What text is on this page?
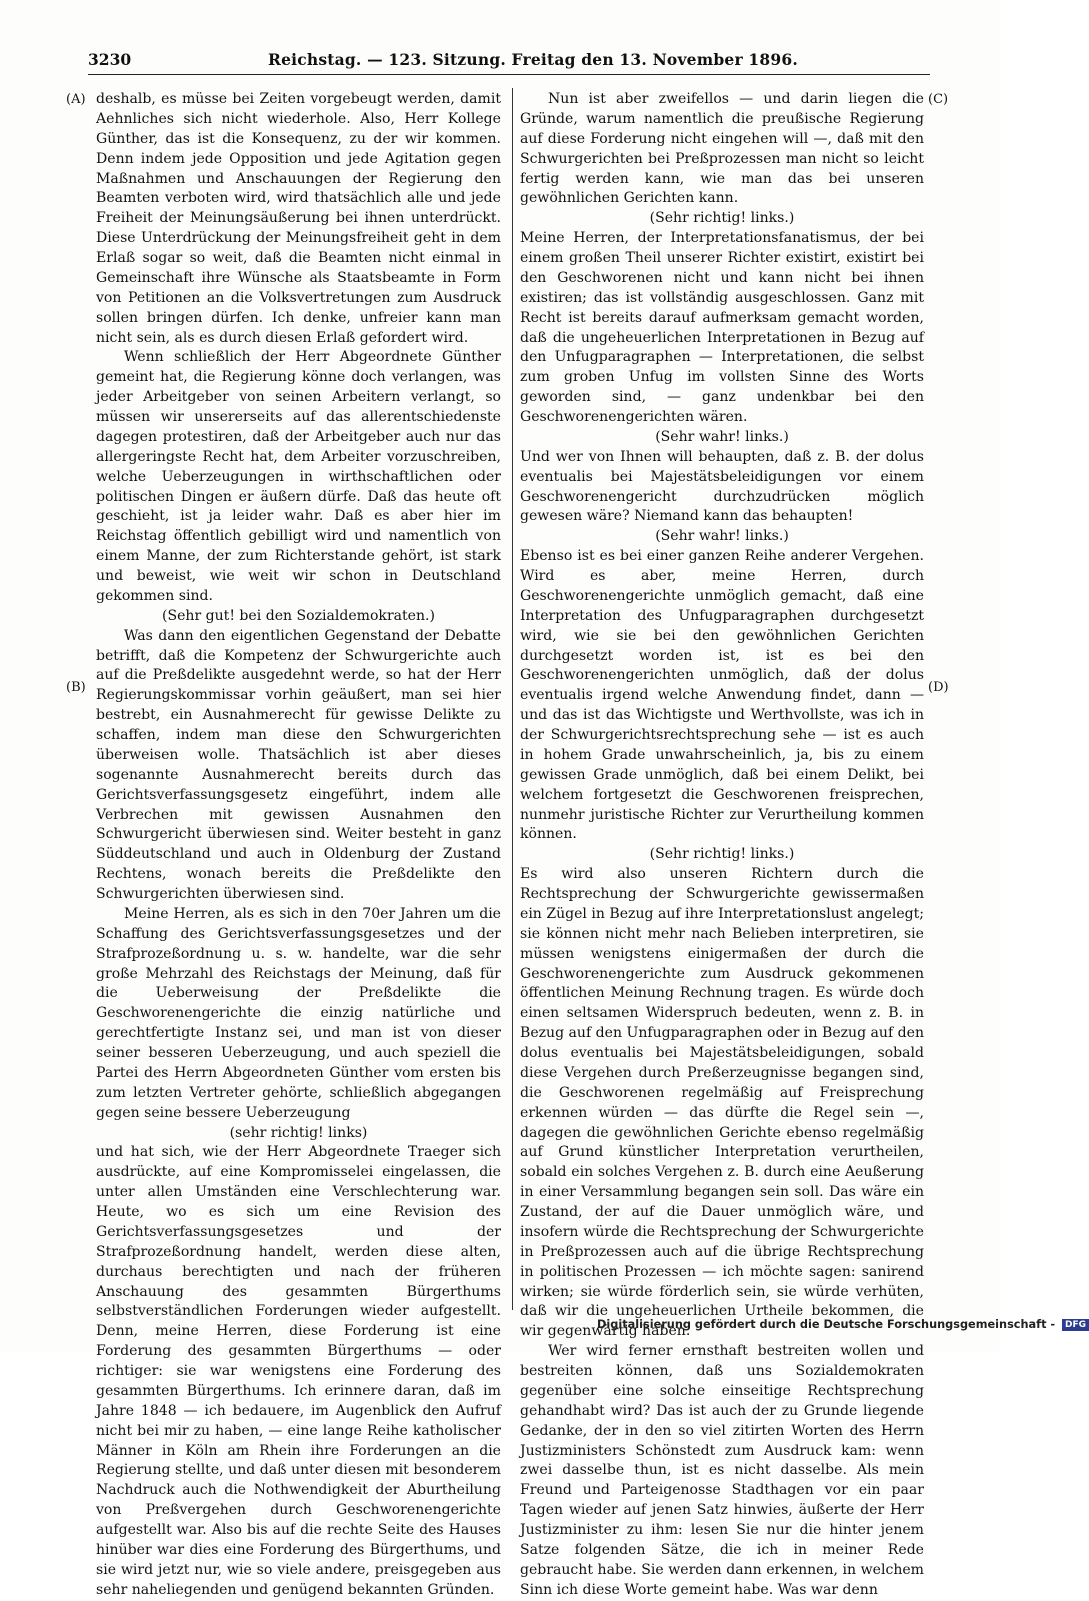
3230	Reichstag. — 123. Sitzung. Freitag den 13. November 1896.
(A)
(B)
(C)
(D)

deshalb, es müsse bei Zeiten vorgebeugt werden, damit Aehnliches sich nicht wiederhole. Also, Herr Kollege Günther, das ist die Konsequenz, zu der wir kommen. Denn indem jede Opposition und jede Agitation gegen Maßnahmen und Anschauungen der Regierung den Beamten verboten wird, wird thatsächlich alle und jede Freiheit der Meinungsäußerung bei ihnen unterdrückt. Diese Unterdrückung der Meinungsfreiheit geht in dem Erlaß sogar so weit, daß die Beamten nicht einmal in Gemeinschaft ihre Wünsche als Staatsbeamte in Form von Petitionen an die Volksvertretungen zum Ausdruck sollen bringen dürfen. Ich denke, unfreier kann man nicht sein, als es durch diesen Erlaß gefordert wird.

Wenn schließlich der Herr Abgeordnete Günther gemeint hat, die Regierung könne doch verlangen, was jeder Arbeitgeber von seinen Arbeitern verlangt, so müssen wir unsererseits auf das allerentschiedenste dagegen protestiren, daß der Arbeitgeber auch nur das allergeringste Recht hat, dem Arbeiter vorzuschreiben, welche Ueberzeugungen in wirthschaftlichen oder politischen Dingen er äußern dürfe. Daß das heute oft geschieht, ist ja leider wahr. Daß es aber hier im Reichstag öffentlich gebilligt wird und namentlich von einem Manne, der zum Richterstande gehört, ist stark und beweist, wie weit wir schon in Deutschland gekommen sind.

(Sehr gut! bei den Sozialdemokraten.)

Was dann den eigentlichen Gegenstand der Debatte betrifft, daß die Kompetenz der Schwurgerichte auch auf die Preßdelikte ausgedehnt werde, so hat der Herr Regierungskommissar vorhin geäußert, man sei hier bestrebt, ein Ausnahmerecht für gewisse Delikte zu schaffen, indem man diese den Schwurgerichten überweisen wolle. Thatsächlich ist aber dieses sogenannte Ausnahmerecht bereits durch das Gerichtsverfassungsgesetz eingeführt, indem alle Verbrechen mit gewissen Ausnahmen den Schwurgericht überwiesen sind. Weiter besteht in ganz Süddeutschland und auch in Oldenburg der Zustand Rechtens, wonach bereits die Preßdelikte den Schwurgerichten überwiesen sind.

Meine Herren, als es sich in den 70er Jahren um die Schaffung des Gerichtsverfassungsgesetzes und der Strafprozeßordnung u. s. w. handelte, war die sehr große Mehrzahl des Reichstags der Meinung, daß für die Ueberweisung der Preßdelikte die Geschworenengerichte die einzig natürliche und gerechtfertigte Instanz sei, und man ist von dieser seiner besseren Ueberzeugung, und auch speziell die Partei des Herrn Abgeordneten Günther vom ersten bis zum letzten Vertreter gehörte, schließlich abgegangen gegen seine bessere Ueberzeugung

(sehr richtig! links)

und hat sich, wie der Herr Abgeordnete Traeger sich ausdrückte, auf eine Kompromisselei eingelassen, die unter allen Umständen eine Verschlechterung war. Heute, wo es sich um eine Revision des Gerichtsverfassungsgesetzes und der Strafprozeßordnung handelt, werden diese alten, durchaus berechtigten und nach der früheren Anschauung des gesammten Bürgerthums selbstverständlichen Forderungen wieder aufgestellt. Denn, meine Herren, diese Forderung ist eine Forderung des gesammten Bürgerthums — oder richtiger: sie war wenigstens eine Forderung des gesammten Bürgerthums. Ich erinnere daran, daß im Jahre 1848 — ich bedauere, im Augenblick den Aufruf nicht bei mir zu haben, — eine lange Reihe katholischer Männer in Köln am Rhein ihre Forderungen an die Regierung stellte, und daß unter diesen mit besonderem Nachdruck auch die Nothwendigkeit der Aburtheilung von Preßvergehen durch Geschworenengerichte aufgestellt war. Also bis auf die rechte Seite des Hauses hinüber war dies eine Forderung des Bürgerthums, und sie wird jetzt nur, wie so viele andere, preisgegeben aus sehr naheliegenden und genügend bekannten Gründen.

Nun ist aber zweifellos — und darin liegen die Gründe, warum namentlich die preußische Regierung auf diese Forderung nicht eingehen will —, daß mit den Schwurgerichten bei Preßprozessen man nicht so leicht fertig werden kann, wie man das bei unseren gewöhnlichen Gerichten kann.

(Sehr richtig! links.)

Meine Herren, der Interpretationsfanatismus, der bei einem großen Theil unserer Richter existirt, existirt bei den Geschworenen nicht und kann nicht bei ihnen existiren; das ist vollständig ausgeschlossen. Ganz mit Recht ist bereits darauf aufmerksam gemacht worden, daß die ungeheuerlichen Interpretationen in Bezug auf den Unfugparagraphen — Interpretationen, die selbst zum groben Unfug im vollsten Sinne des Worts geworden sind, — ganz undenkbar bei den Geschworenengerichten wären.

(Sehr wahr! links.)

Und wer von Ihnen will behaupten, daß z. B. der dolus eventualis bei Majestätsbeleidigungen vor einem Geschworenengericht durchzudrücken möglich gewesen wäre? Niemand kann das behaupten!

(Sehr wahr! links.)

Ebenso ist es bei einer ganzen Reihe anderer Vergehen. Wird es aber, meine Herren, durch Geschworenengerichte unmöglich gemacht, daß eine Interpretation des Unfugparagraphen durchgesetzt wird, wie sie bei den gewöhnlichen Gerichten durchgesetzt worden ist, ist es bei den Geschworenengerichten unmöglich, daß der dolus eventualis irgend welche Anwendung findet, dann — und das ist das Wichtigste und Werthvollste, was ich in der Schwurgerichtsrechtsprechung sehe — ist es auch in hohem Grade unwahrscheinlich, ja, bis zu einem gewissen Grade unmöglich, daß bei einem Delikt, bei welchem fortgesetzt die Geschworenen freisprechen, nunmehr juristische Richter zur Verurtheilung kommen können.

(Sehr richtig! links.)

Es wird also unseren Richtern durch die Rechtsprechung der Schwurgerichte gewissermaßen ein Zügel in Bezug auf ihre Interpretationslust angelegt; sie können nicht mehr nach Belieben interpretiren, sie müssen wenigstens einigermaßen der durch die Geschworenengerichte zum Ausdruck gekommenen öffentlichen Meinung Rechnung tragen. Es würde doch einen seltsamen Widerspruch bedeuten, wenn z. B. in Bezug auf den Unfugparagraphen oder in Bezug auf den dolus eventualis bei Majestätsbeleidigungen, sobald diese Vergehen durch Preßerzeugnisse begangen sind, die Geschworenen regelmäßig auf Freisprechung erkennen würden — das dürfte die Regel sein —, dagegen die gewöhnlichen Gerichte ebenso regelmäßig auf Grund künstlicher Interpretation verurtheilen, sobald ein solches Vergehen z. B. durch eine Aeußerung in einer Versammlung begangen sein soll. Das wäre ein Zustand, der auf die Dauer unmöglich wäre, und insofern würde die Rechtsprechung der Schwurgerichte in Preßprozessen auch auf die übrige Rechtsprechung in politischen Prozessen — ich möchte sagen: sanirend wirken; sie würde förderlich sein, sie würde verhüten, daß wir die ungeheuerlichen Urtheile bekommen, die wir gegenwärtig haben.

Wer wird ferner ernsthaft bestreiten wollen und bestreiten können, daß uns Sozialdemokraten gegenüber eine solche einseitige Rechtsprechung gehandhabt wird? Das ist auch der zu Grunde liegende Gedanke, der in den so viel zitirten Worten des Herrn Justizministers Schönstedt zum Ausdruck kam: wenn zwei dasselbe thun, ist es nicht dasselbe. Als mein Freund und Parteigenosse Stadthagen vor ein paar Tagen wieder auf jenen Satz hinwies, äußerte der Herr Justizminister zu ihm: lesen Sie nur die hinter jenem Satze folgenden Sätze, die ich in meiner Rede gebraucht habe. Sie werden dann erkennen, in welchem Sinn ich diese Worte gemeint habe. Was war denn

Digitalisierung gefördert durch die Deutsche Forschungsgemeinschaft - DFG
